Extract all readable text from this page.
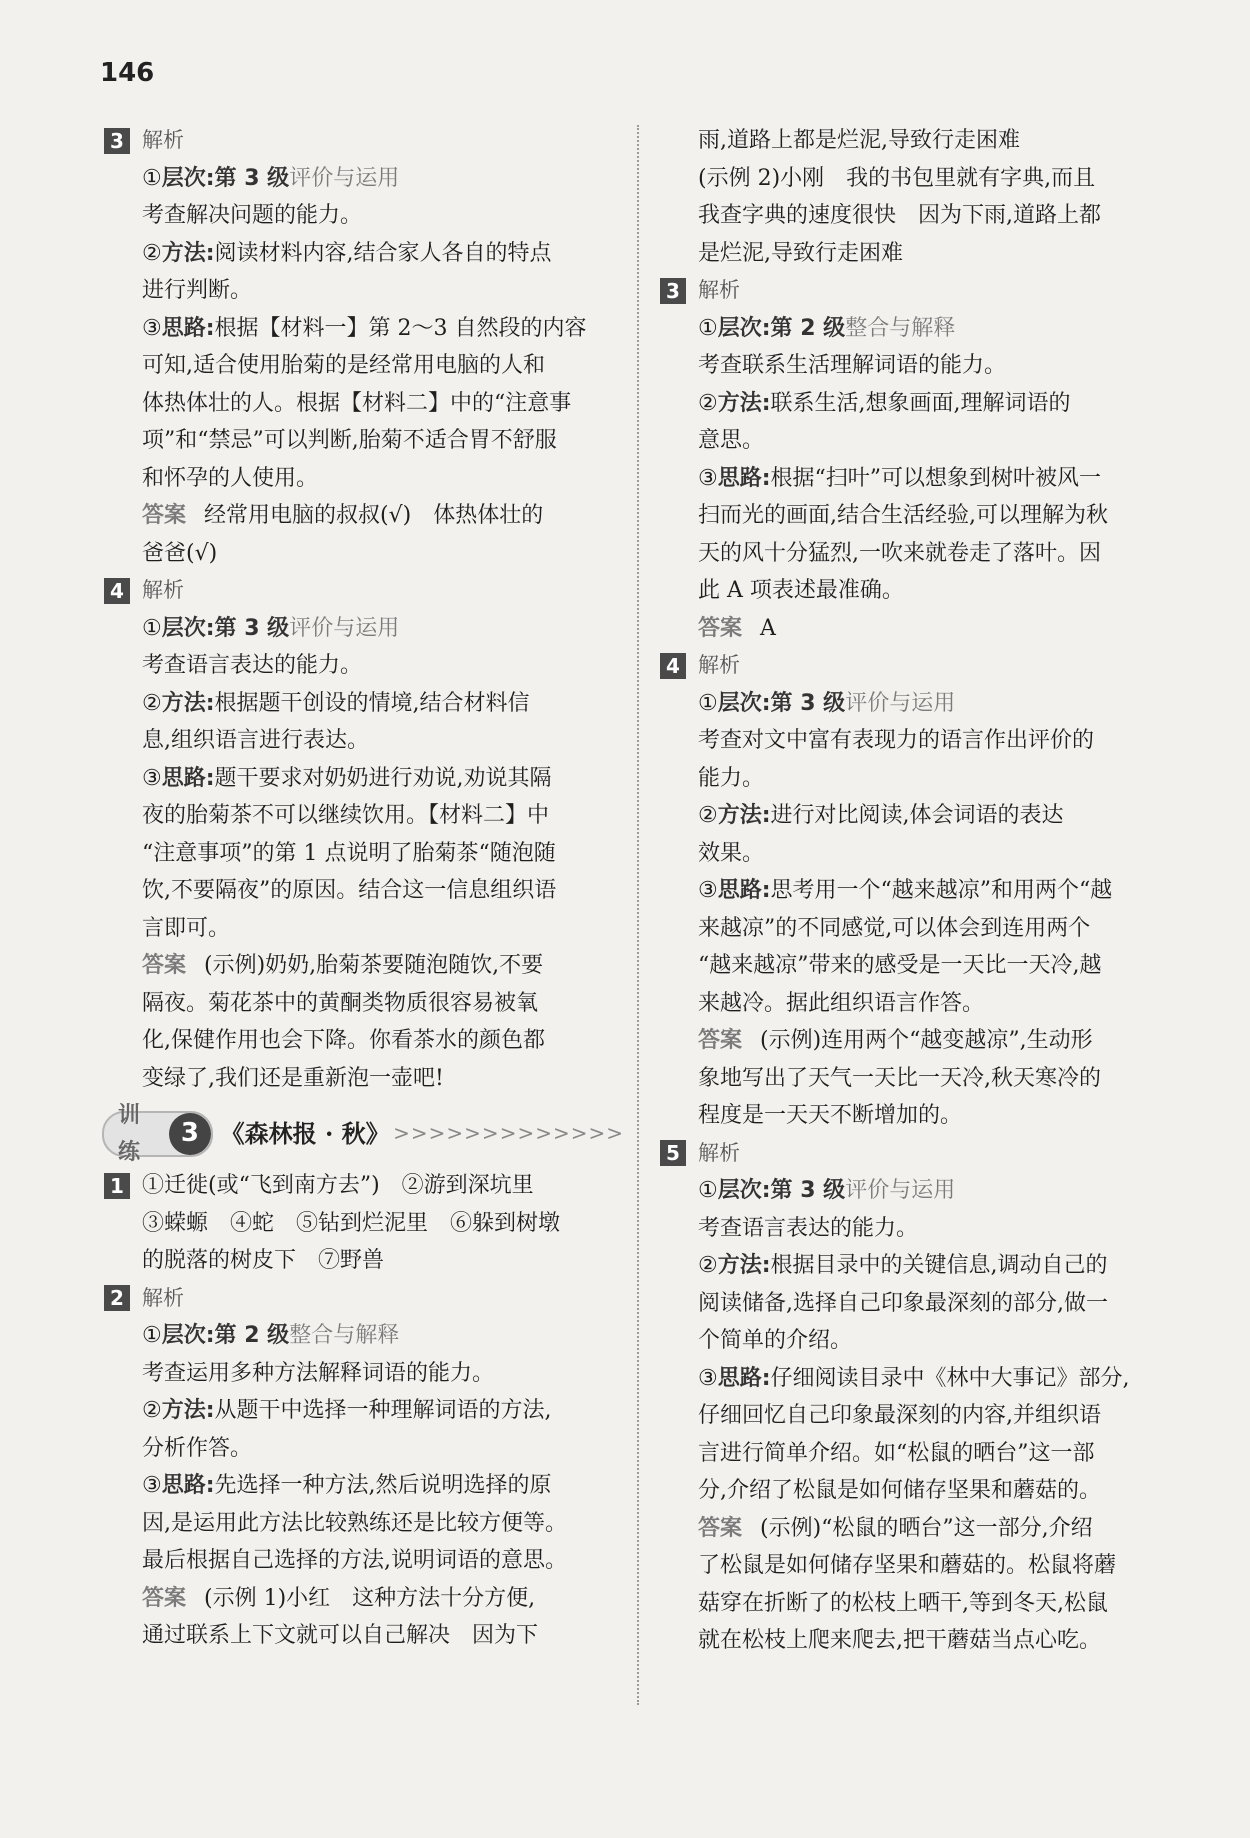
146
3 解析
①层次:第 3 级评价与运用
考查解决问题的能力。
②方法:阅读材料内容,结合家人各自的特点
进行判断。
③思路:根据【材料一】第 2～3 自然段的内容
可知,适合使用胎菊的是经常用电脑的人和
体热体壮的人。根据【材料二】中的“注意事
项”和“禁忌”可以判断,胎菊不适合胃不舒服
和怀孕的人使用。
答案 经常用电脑的叔叔(√)　体热体壮的
爸爸(√)
4 解析
①层次:第 3 级评价与运用
考查语言表达的能力。
②方法:根据题干创设的情境,结合材料信
息,组织语言进行表达。
③思路:题干要求对奶奶进行劝说,劝说其隔
夜的胎菊茶不可以继续饮用。【材料二】中
“注意事项”的第 1 点说明了胎菊茶“随泡随
饮,不要隔夜”的原因。结合这一信息组织语
言即可。
答案 (示例)奶奶,胎菊茶要随泡随饮,不要
隔夜。菊花茶中的黄酮类物质很容易被氧
化,保健作用也会下降。你看茶水的颜色都
变绿了,我们还是重新泡一壶吧!
训练
3 《森林报 · 秋》 >>>>>>>>>>>>>
1 ①迁徙(或“飞到南方去”)　②游到深坑里
③蝾螈　④蛇　⑤钻到烂泥里　⑥躲到树墩
的脱落的树皮下　⑦野兽
2 解析
①层次:第 2 级整合与解释
考查运用多种方法解释词语的能力。
②方法:从题干中选择一种理解词语的方法,
分析作答。
③思路:先选择一种方法,然后说明选择的原
因,是运用此方法比较熟练还是比较方便等。
最后根据自己选择的方法,说明词语的意思。
答案 (示例 1)小红　这种方法十分方便,
通过联系上下文就可以自己解决　因为下
雨,道路上都是烂泥,导致行走困难
(示例 2)小刚　我的书包里就有字典,而且
我查字典的速度很快　因为下雨,道路上都
是烂泥,导致行走困难
3 解析
①层次:第 2 级整合与解释
考查联系生活理解词语的能力。
②方法:联系生活,想象画面,理解词语的
意思。
③思路:根据“扫叶”可以想象到树叶被风一
扫而光的画面,结合生活经验,可以理解为秋
天的风十分猛烈,一吹来就卷走了落叶。因
此 A 项表述最准确。
答案 A
4 解析
①层次:第 3 级评价与运用
考查对文中富有表现力的语言作出评价的
能力。
②方法:进行对比阅读,体会词语的表达
效果。
③思路:思考用一个“越来越凉”和用两个“越
来越凉”的不同感觉,可以体会到连用两个
“越来越凉”带来的感受是一天比一天冷,越
来越冷。据此组织语言作答。
答案 (示例)连用两个“越变越凉”,生动形
象地写出了天气一天比一天冷,秋天寒冷的
程度是一天天不断增加的。
5 解析
①层次:第 3 级评价与运用
考查语言表达的能力。
②方法:根据目录中的关键信息,调动自己的
阅读储备,选择自己印象最深刻的部分,做一
个简单的介绍。
③思路:仔细阅读目录中《林中大事记》部分,
仔细回忆自己印象最深刻的内容,并组织语
言进行简单介绍。如“松鼠的晒台”这一部
分,介绍了松鼠是如何储存坚果和蘑菇的。
答案 (示例)“松鼠的晒台”这一部分,介绍
了松鼠是如何储存坚果和蘑菇的。松鼠将蘑
菇穿在折断了的松枝上晒干,等到冬天,松鼠
就在松枝上爬来爬去,把干蘑菇当点心吃。
